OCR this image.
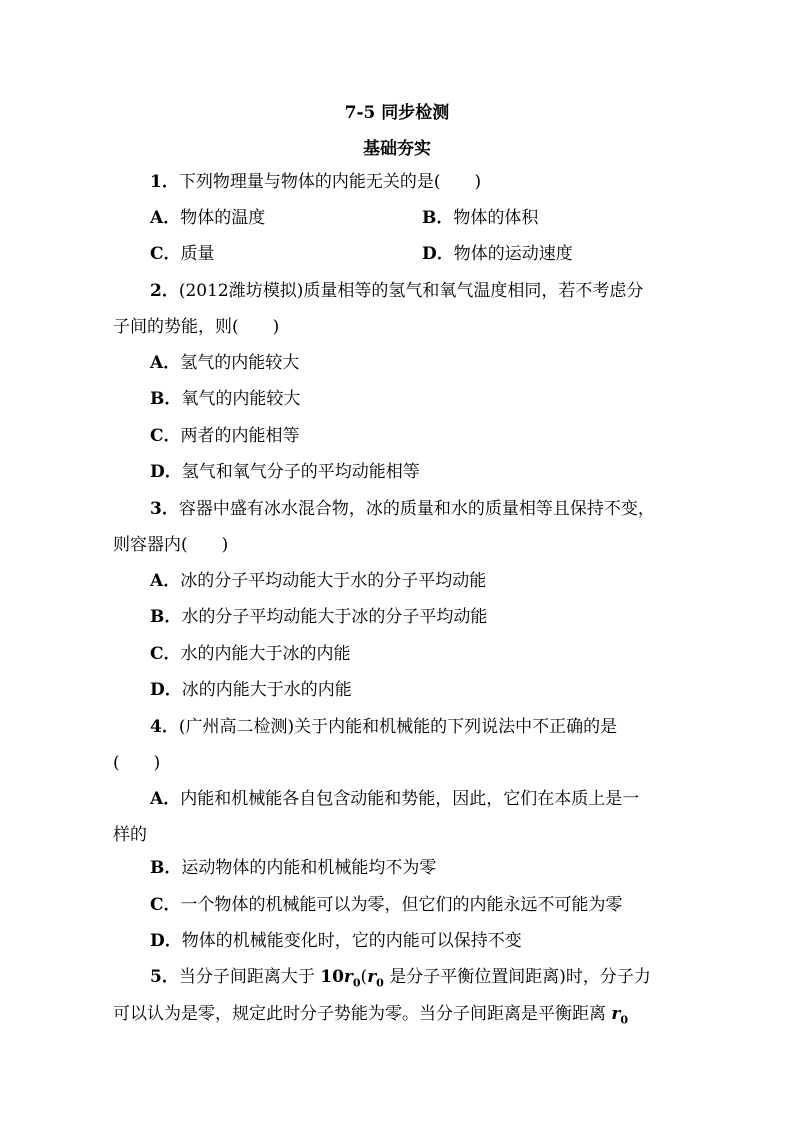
7-5 同步检测
基础夯实
1．下列物理量与物体的内能无关的是(　　)
A．物体的温度	B．物体的体积
C．质量	D．物体的运动速度
2．(2012潍坊模拟)质量相等的氢气和氧气温度相同，若不考虑分
子间的势能，则(　　)
A．氢气的内能较大
B．氧气的内能较大
C．两者的内能相等
D．氢气和氧气分子的平均动能相等
3．容器中盛有冰水混合物，冰的质量和水的质量相等且保持不变，
则容器内(　　)
A．冰的分子平均动能大于水的分子平均动能
B．水的分子平均动能大于冰的分子平均动能
C．水的内能大于冰的内能
D．冰的内能大于水的内能
4．(广州高二检测)关于内能和机械能的下列说法中不正确的是
(　　)
A．内能和机械能各自包含动能和势能，因此，它们在本质上是一
样的
B．运动物体的内能和机械能均不为零
C．一个物体的机械能可以为零，但它们的内能永远不可能为零
D．物体的机械能变化时，它的内能可以保持不变
5．当分子间距离大于 $10r_0(r_0$ 是分子平衡位置间距离)时，分子力
可以认为是零，规定此时分子势能为零。当分子间距离是平衡距离 $r_0$
